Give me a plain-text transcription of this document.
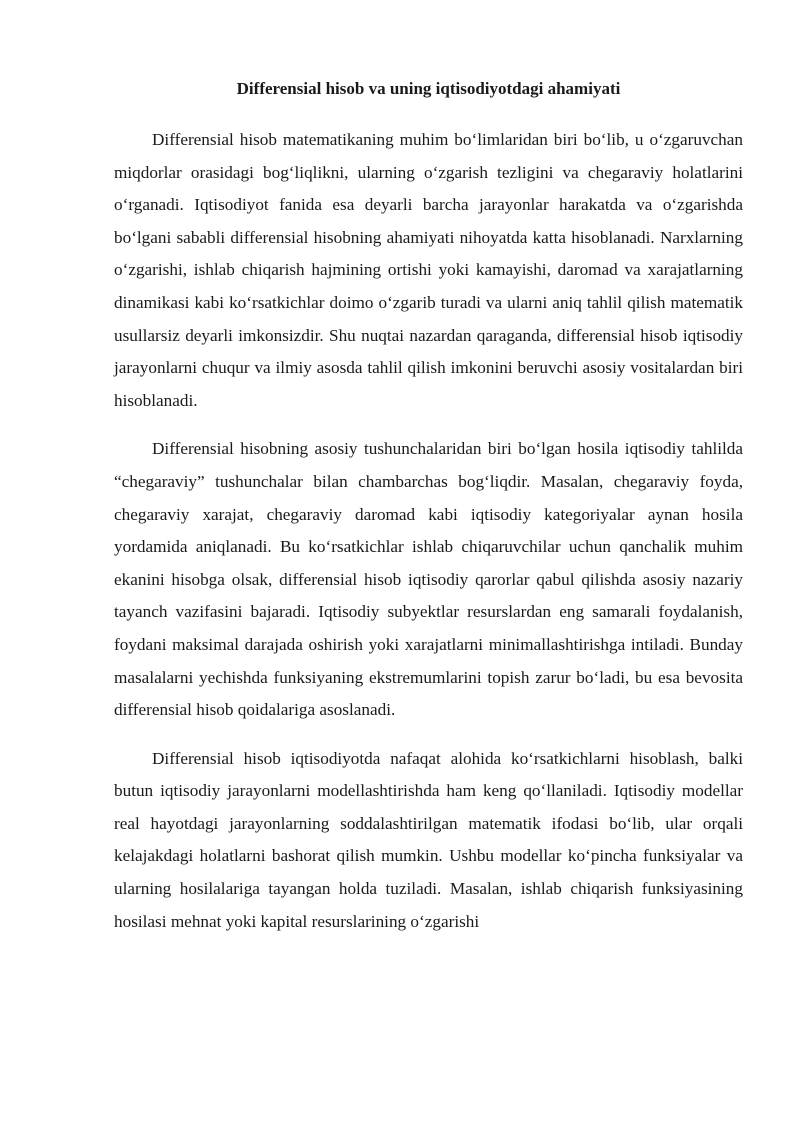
Differensial hisob va uning iqtisodiyotdagi ahamiyati

Differensial hisob matematikaning muhim bo‘limlaridan biri bo‘lib, u o‘zgaruvchan miqdorlar orasidagi bog‘liqlikni, ularning o‘zgarish tezligini va chegaraviy holatlarini o‘rganadi. Iqtisodiyot fanida esa deyarli barcha jarayonlar harakatda va o‘zgarishda bo‘lgani sababli differensial hisobning ahamiyati nihoyatda katta hisoblanadi. Narxlarning o‘zgarishi, ishlab chiqarish hajmining ortishi yoki kamayishi, daromad va xarajatlarning dinamikasi kabi ko‘rsatkichlar doimo o‘zgarib turadi va ularni aniq tahlil qilish matematik usullarsiz deyarli imkonsizdir. Shu nuqtai nazardan qaraganda, differensial hisob iqtisodiy jarayonlarni chuqur va ilmiy asosda tahlil qilish imkonini beruvchi asosiy vositalardan biri hisoblanadi.

Differensial hisobning asosiy tushunchalaridan biri bo‘lgan hosila iqtisodiy tahlilda “chegaraviy” tushunchalar bilan chambarchas bog‘liqdir. Masalan, chegaraviy foyda, chegaraviy xarajat, chegaraviy daromad kabi iqtisodiy kategoriyalar aynan hosila yordamida aniqlanadi. Bu ko‘rsatkichlar ishlab chiqaruvchilar uchun qanchalik muhim ekanini hisobga olsak, differensial hisob iqtisodiy qarorlar qabul qilishda asosiy nazariy tayanch vazifasini bajaradi. Iqtisodiy subyektlar resurslardan eng samarali foydalanish, foydani maksimal darajada oshirish yoki xarajatlarni minimallashtirishga intiladi. Bunday masalalarni yechishda funksiyaning ekstremumlarini topish zarur bo‘ladi, bu esa bevosita differensial hisob qoidalariga asoslanadi.

Differensial hisob iqtisodiyotda nafaqat alohida ko‘rsatkichlarni hisoblash, balki butun iqtisodiy jarayonlarni modellashtirishda ham keng qo‘llaniladi. Iqtisodiy modellar real hayotdagi jarayonlarning soddalashtirilgan matematik ifodasi bo‘lib, ular orqali kelajakdagi holatlarni bashorat qilish mumkin. Ushbu modellar ko‘pincha funksiyalar va ularning hosilalariga tayangan holda tuziladi. Masalan, ishlab chiqarish funksiyasining hosilasi mehnat yoki kapital resurslarining o‘zgarishi
